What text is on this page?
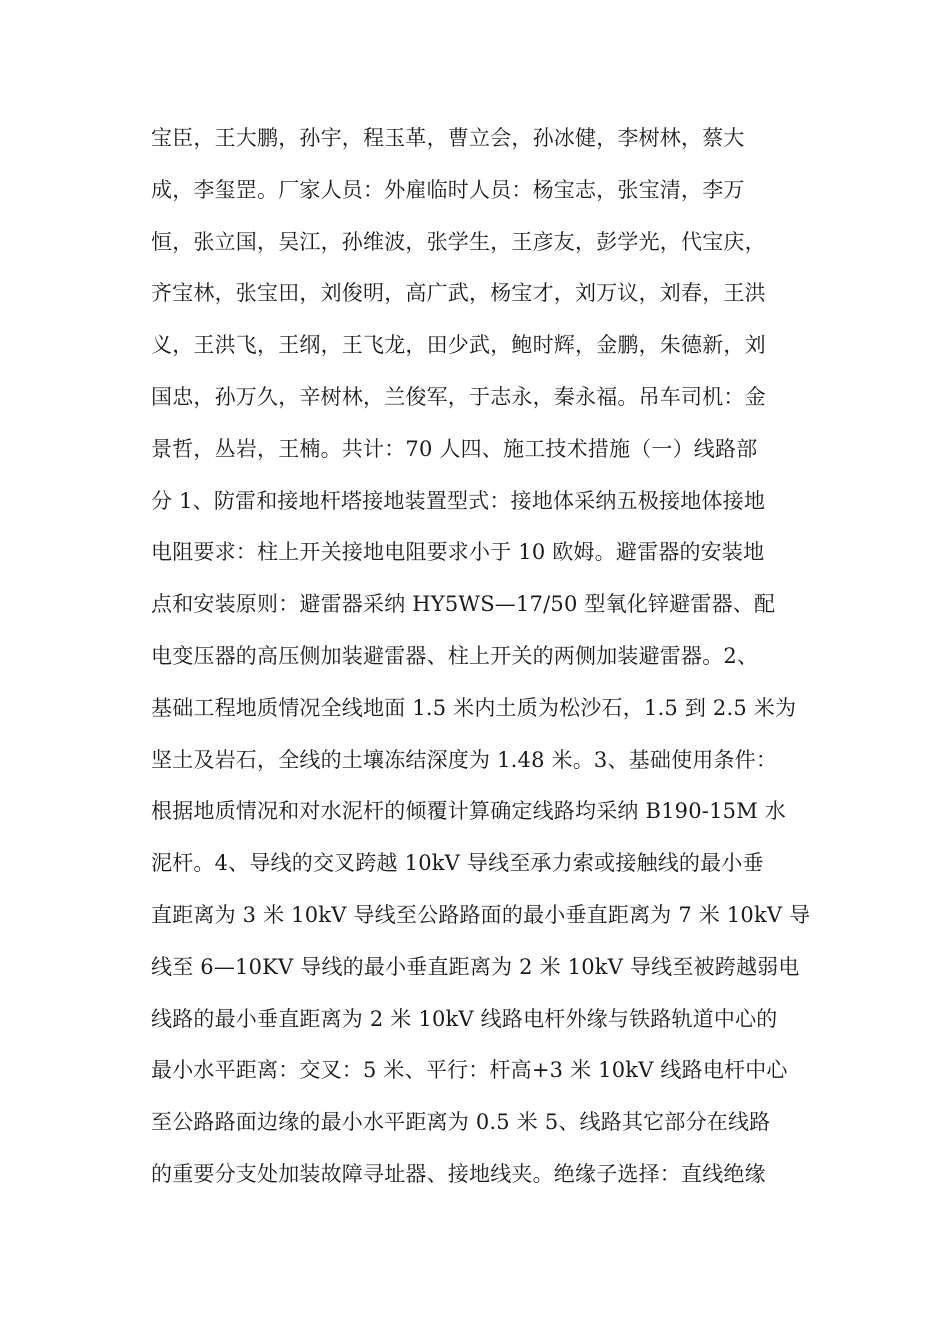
宝臣，王大鹏，孙宇，程玉革，曹立会，孙冰健，李树林，蔡大
成，李玺罡。厂家人员：外雇临时人员：杨宝志，张宝清，李万
恒，张立国，吴江，孙维波，张学生，王彦友，彭学光，代宝庆，
齐宝林，张宝田，刘俊明，高广武，杨宝才，刘万议，刘春，王洪
义，王洪飞，王纲，王飞龙，田少武，鲍时辉，金鹏，朱德新，刘
国忠，孙万久，辛树林，兰俊军，于志永，秦永福。吊车司机：金
景哲，丛岩，王楠。共计：70 人四、施工技术措施（一）线路部
分 1、防雷和接地杆塔接地装置型式：接地体采纳五极接地体接地
电阻要求：柱上开关接地电阻要求小于 10 欧姆。避雷器的安装地
点和安装原则：避雷器采纳 HY5WS—17/50 型氧化锌避雷器、配
电变压器的高压侧加装避雷器、柱上开关的两侧加装避雷器。2、
基础工程地质情况全线地面 1.5 米内土质为松沙石，1.5 到 2.5 米为
坚土及岩石，全线的土壤冻结深度为 1.48 米。3、基础使用条件：
根据地质情况和对水泥杆的倾覆计算确定线路均采纳 B190-15M 水
泥杆。4、导线的交叉跨越 10kV 导线至承力索或接触线的最小垂
直距离为 3 米 10kV 导线至公路路面的最小垂直距离为 7 米 10kV 导
线至 6—10KV 导线的最小垂直距离为 2 米 10kV 导线至被跨越弱电
线路的最小垂直距离为 2 米 10kV 线路电杆外缘与铁路轨道中心的
最小水平距离：交叉：5 米、平行：杆高+3 米 10kV 线路电杆中心
至公路路面边缘的最小水平距离为 0.5 米 5、线路其它部分在线路
的重要分支处加装故障寻址器、接地线夹。绝缘子选择：直线绝缘
